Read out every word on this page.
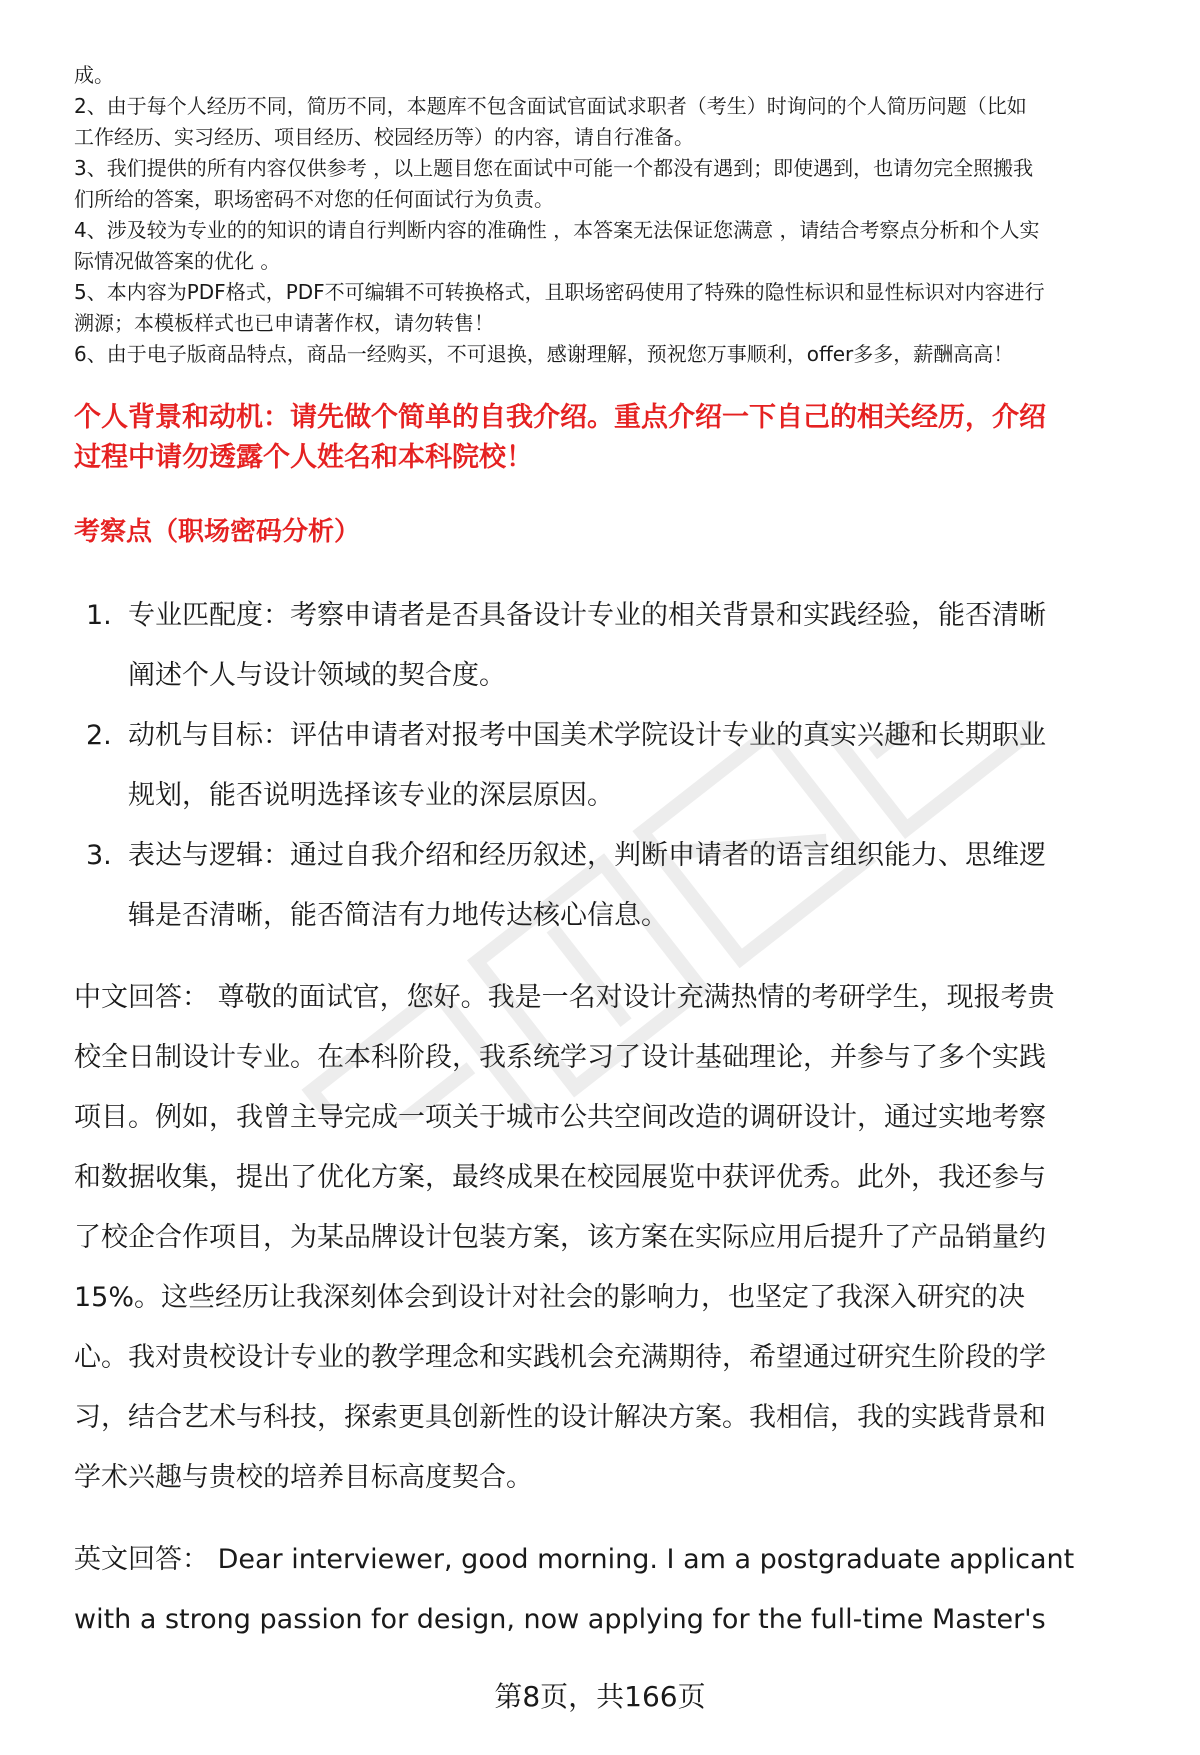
成。
2、由于每个人经历不同，简历不同，本题库不包含面试官面试求职者（考生）时询问的个人简历问题（比如
工作经历、实习经历、项目经历、校园经历等）的内容，请自行准备。
3、我们提供的所有内容仅供参考 ，以上题目您在面试中可能一个都没有遇到；即使遇到，也请勿完全照搬我
们所给的答案，职场密码不对您的任何面试行为负责。
4、涉及较为专业的的知识的请自行判断内容的准确性 ，本答案无法保证您满意 ，请结合考察点分析和个人实
际情况做答案的优化 。
5、本内容为PDF格式，PDF不可编辑不可转换格式，且职场密码使用了特殊的隐性标识和显性标识对内容进行
溯源；本模板样式也已申请著作权，请勿转售！
6、由于电子版商品特点，商品一经购买，不可退换，感谢理解，预祝您万事顺利，offer多多，薪酬高高！
个人背景和动机：请先做个简单的自我介绍。重点介绍一下自己的相关经历，介绍
过程中请勿透露个人姓名和本科院校！
考察点（职场密码分析）
1. 专业匹配度：考察申请者是否具备设计专业的相关背景和实践经验，能否清晰
阐述个人与设计领域的契合度。
2. 动机与目标：评估申请者对报考中国美术学院设计专业的真实兴趣和长期职业
规划，能否说明选择该专业的深层原因。
3. 表达与逻辑：通过自我介绍和经历叙述，判断申请者的语言组织能力、思维逻
辑是否清晰，能否简洁有力地传达核心信息。
中文回答： 尊敬的面试官，您好。我是一名对设计充满热情的考研学生，现报考贵
校全日制设计专业。在本科阶段，我系统学习了设计基础理论，并参与了多个实践
项目。例如，我曾主导完成一项关于城市公共空间改造的调研设计，通过实地考察
和数据收集，提出了优化方案，最终成果在校园展览中获评优秀。此外，我还参与
了校企合作项目，为某品牌设计包装方案，该方案在实际应用后提升了产品销量约
15%。这些经历让我深刻体会到设计对社会的影响力，也坚定了我深入研究的决
心。我对贵校设计专业的教学理念和实践机会充满期待，希望通过研究生阶段的学
习，结合艺术与科技，探索更具创新性的设计解决方案。我相信，我的实践背景和
学术兴趣与贵校的培养目标高度契合。
英文回答： Dear interviewer, good morning. I am a postgraduate applicant
with a strong passion for design, now applying for the full-time Master's
第8页，共166页
